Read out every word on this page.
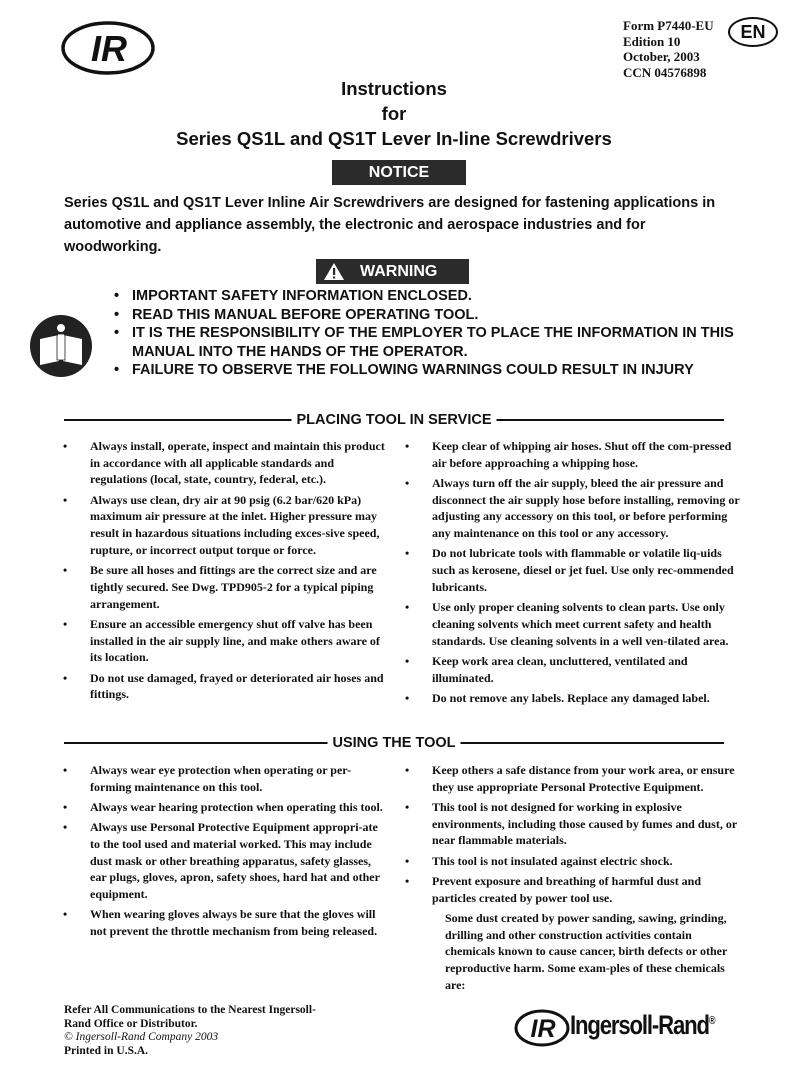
IR
Form P7440-EU
Edition 10
October, 2003
CCN 04576898
EN
Instructions
for
Series QS1L and QS1T Lever In-line Screwdrivers
NOTICE
Series QS1L and QS1T Lever Inline Air Screwdrivers are designed for fastening applications in automotive and appliance assembly, the electronic and aerospace industries and for woodworking.
WARNING
• IMPORTANT SAFETY INFORMATION ENCLOSED.
• READ THIS MANUAL BEFORE OPERATING TOOL.
• IT IS THE RESPONSIBILITY OF THE EMPLOYER TO PLACE THE INFORMATION IN THIS MANUAL INTO THE HANDS OF THE OPERATOR.
• FAILURE TO OBSERVE THE FOLLOWING WARNINGS COULD RESULT IN INJURY
PLACING TOOL IN SERVICE
• Always install, operate, inspect and maintain this product in accordance with all applicable standards and regulations (local, state, country, federal, etc.).
• Always use clean, dry air at 90 psig (6.2 bar/620 kPa) maximum air pressure at the inlet. Higher pressure may result in hazardous situations including exces-sive speed, rupture, or incorrect output torque or force.
• Be sure all hoses and fittings are the correct size and are tightly secured. See Dwg. TPD905-2 for a typical piping arrangement.
• Ensure an accessible emergency shut off valve has been installed in the air supply line, and make others aware of its location.
• Do not use damaged, frayed or deteriorated air hoses and fittings.
• Keep clear of whipping air hoses. Shut off the com-pressed air before approaching a whipping hose.
• Always turn off the air supply, bleed the air pressure and disconnect the air supply hose before installing, removing or adjusting any accessory on this tool, or before performing any maintenance on this tool or any accessory.
• Do not lubricate tools with flammable or volatile liq-uids such as kerosene, diesel or jet fuel. Use only rec-ommended lubricants.
• Use only proper cleaning solvents to clean parts. Use only cleaning solvents which meet current safety and health standards. Use cleaning solvents in a well ven-tilated area.
• Keep work area clean, uncluttered, ventilated and illuminated.
• Do not remove any labels. Replace any damaged label.
USING THE TOOL
• Always wear eye protection when operating or per-forming maintenance on this tool.
• Always wear hearing protection when operating this tool.
• Always use Personal Protective Equipment appropri-ate to the tool used and material worked. This may include dust mask or other breathing apparatus, safety glasses, ear plugs, gloves, apron, safety shoes, hard hat and other equipment.
• When wearing gloves always be sure that the gloves will not prevent the throttle mechanism from being released.
• Keep others a safe distance from your work area, or ensure they use appropriate Personal Protective Equipment.
• This tool is not designed for working in explosive environments, including those caused by fumes and dust, or near flammable materials.
• This tool is not insulated against electric shock.
• Prevent exposure and breathing of harmful dust and particles created by power tool use.
Some dust created by power sanding, sawing, grinding, drilling and other construction activities contain chemicals known to cause cancer, birth defects or other reproductive harm. Some exam-ples of these chemicals are:
Refer All Communications to the Nearest Ingersoll-Rand Office or Distributor.
© Ingersoll-Rand Company 2003
Printed in U.S.A.
IR Ingersoll-Rand®
